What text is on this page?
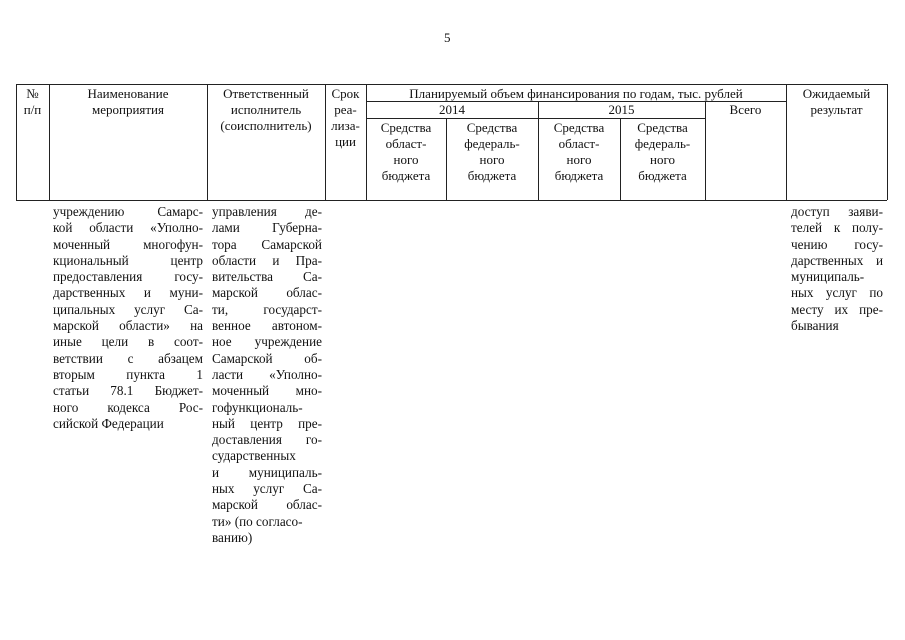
5
№
п/п
Наименование
мероприятия
Ответственный
исполнитель
(соисполнитель)
Срок
реа-
лиза-
ции
Планируемый объем финансирования по годам, тыс. рублей
2014	2015	Всего
Ожидаемый
результат
Средства
област-
ного
бюджета
Средства
федераль-
ного
бюджета
Средства
област-
ного
бюджета
Средства
федераль-
ного
бюджета
учреждению Самарс-
кой области «Уполно-
моченный многофун-
кциональный центр
предоставления госу-
дарственных и муни-
ципальных услуг Са-
марской области» на
иные цели в соот-
ветствии с абзацем
вторым пункта 1
статьи 78.1 Бюджет-
ного кодекса Рос-
сийской Федерации
управления де-
лами Губерна-
тора Самарской
области и Пра-
вительства Са-
марской облас-
ти, государст-
венное автоном-
ное учреждение
Самарской об-
ласти «Уполно-
моченный мно-
гофункциональ-
ный центр пре-
доставления го-
сударственных
и муниципаль-
ных услуг Са-
марской облас-
ти» (по согласо-
ванию)
доступ заяви-
телей к полу-
чению госу-
дарственных и
муниципаль-
ных услуг по
месту их пре-
бывания
